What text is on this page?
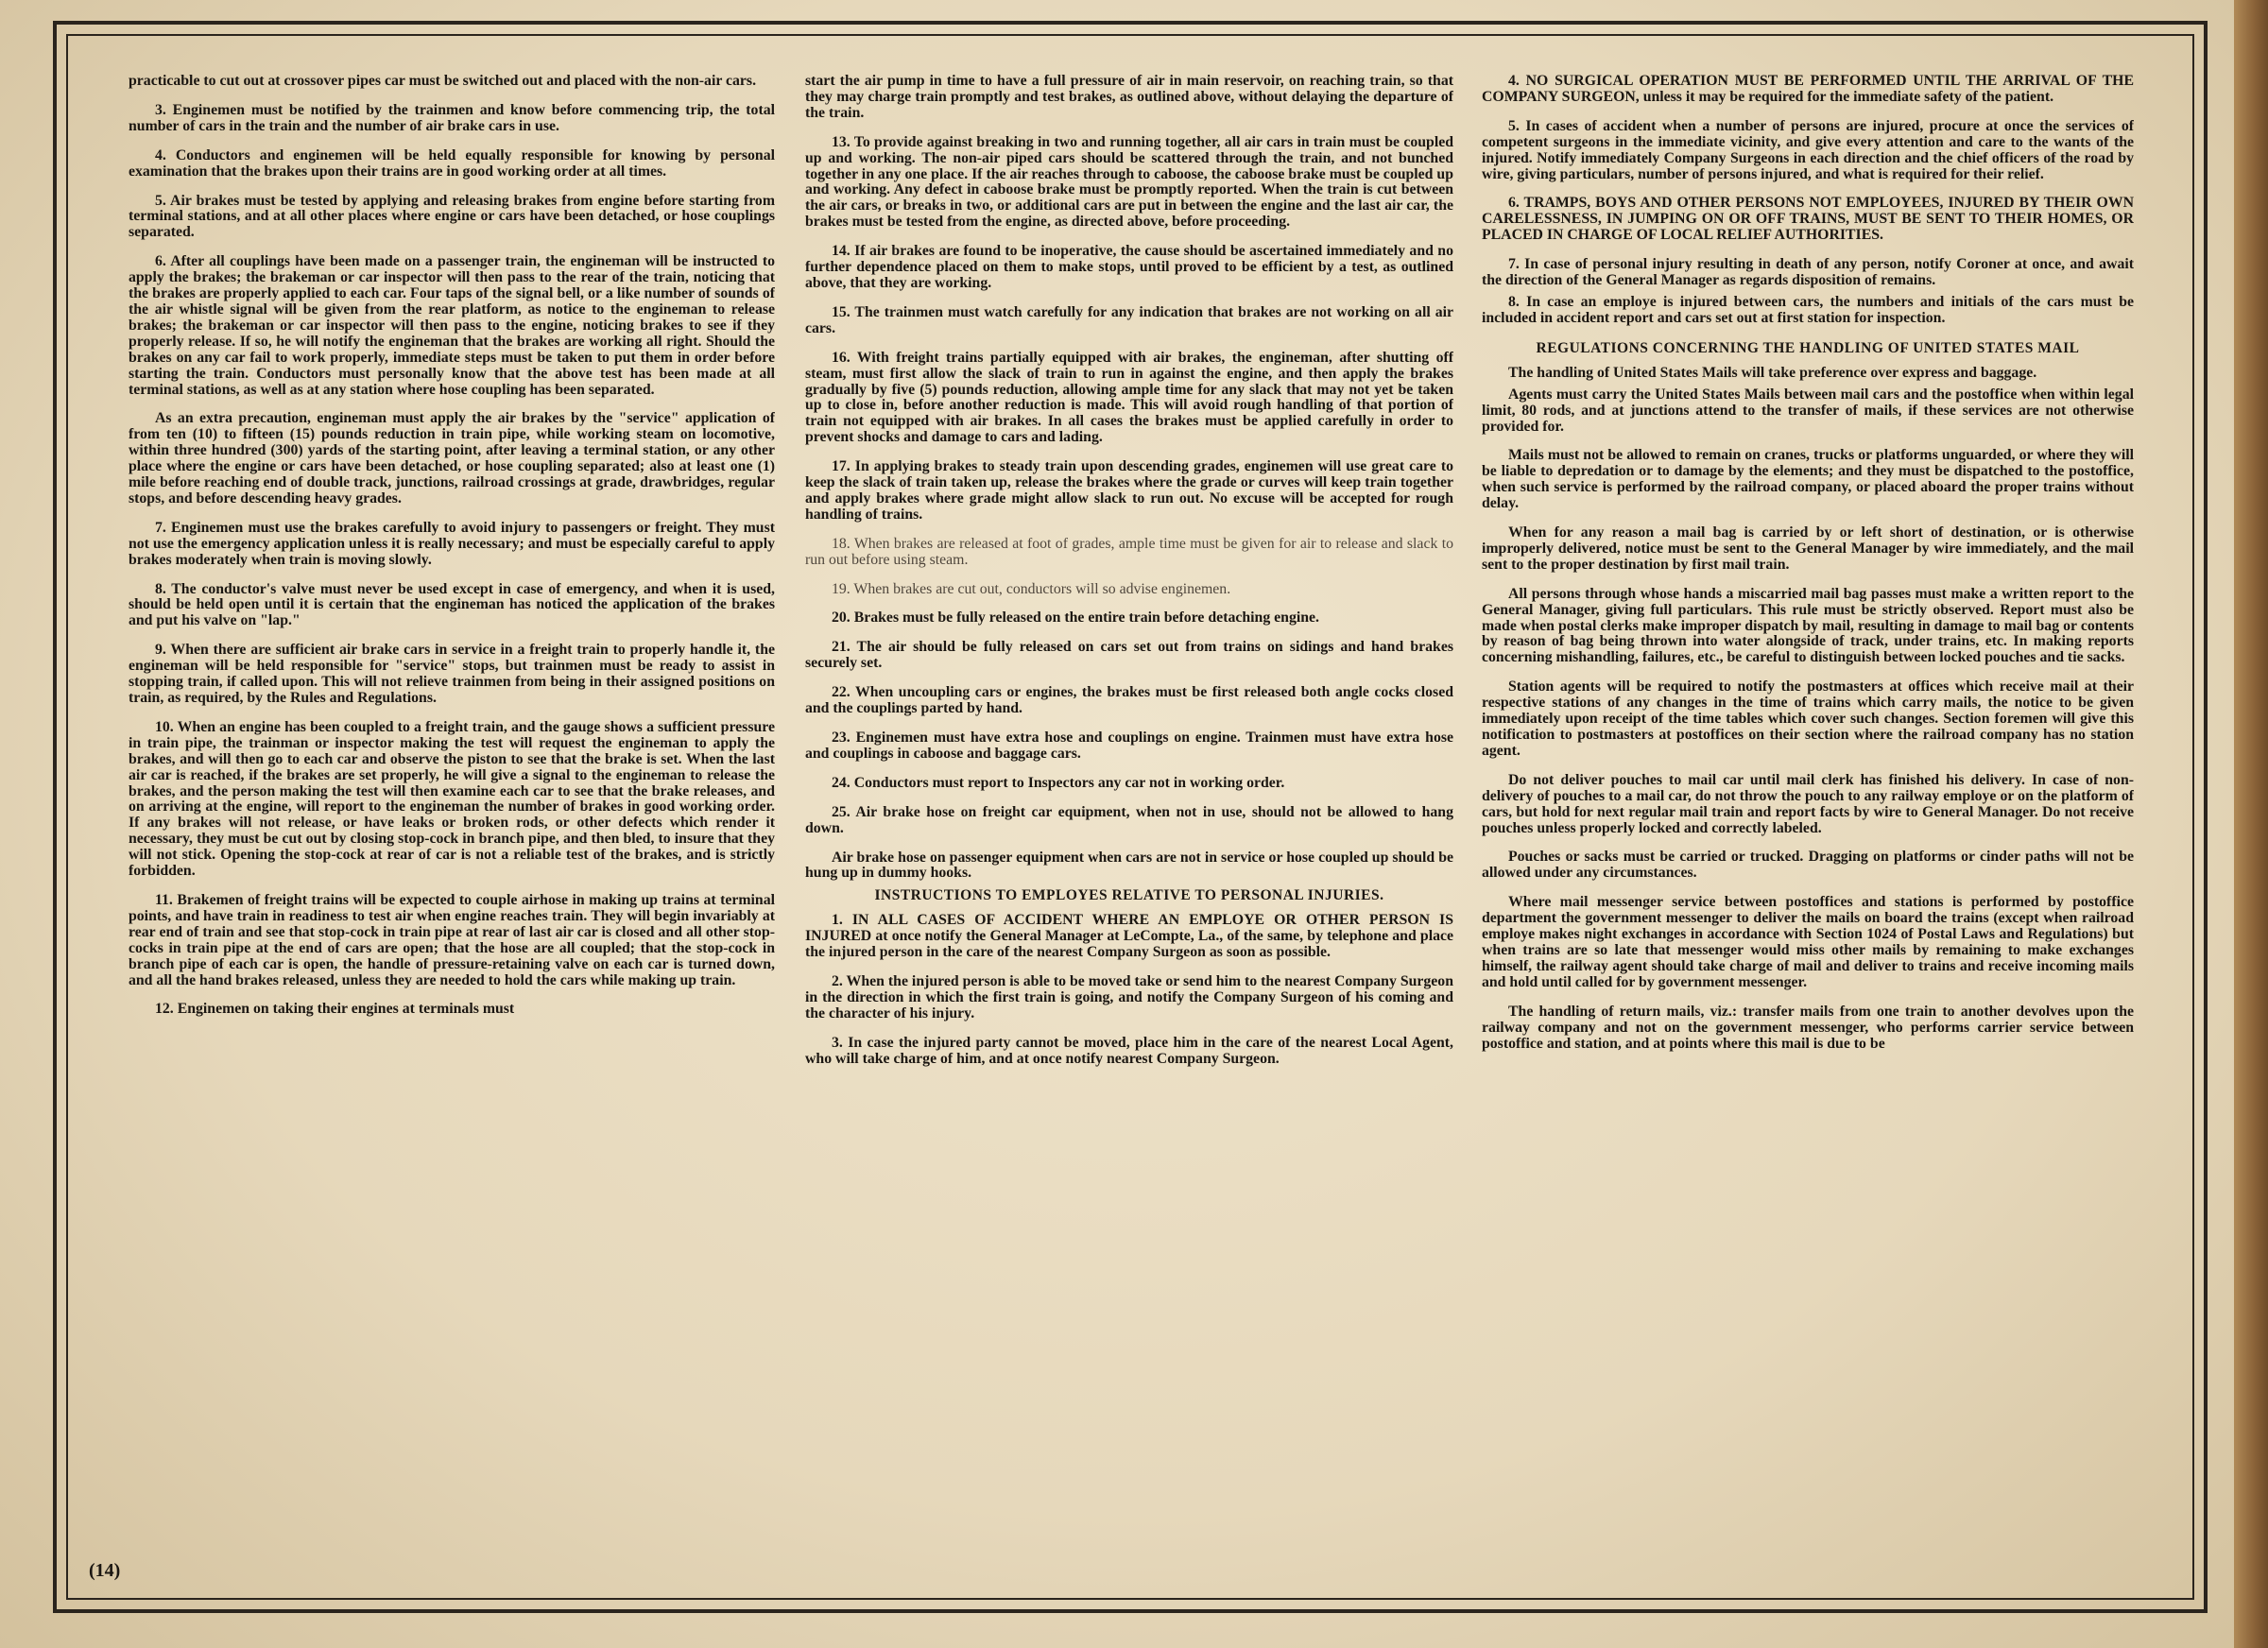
practicable to cut out at crossover pipes car must be switched out and placed with the non-air cars.

3. Enginemen must be notified by the trainmen and know before commencing trip, the total number of cars in the train and the number of air brake cars in use.

4. Conductors and enginemen will be held equally responsible for knowing by personal examination that the brakes upon their trains are in good working order at all times.

5. Air brakes must be tested by applying and releasing brakes from engine before starting from terminal stations, and at all other places where engine or cars have been detached, or hose couplings separated.

6. After all couplings have been made on a passenger train, the engineman will be instructed to apply the brakes; the brakeman or car inspector will then pass to the rear of the train, noticing that the brakes are properly applied to each car. Four taps of the signal bell, or a like number of sounds of the air whistle signal will be given from the rear platform, as notice to the engineman to release brakes; the brakeman or car inspector will then pass to the engine, noticing brakes to see if they properly release. If so, he will notify the engineman that the brakes are working all right. Should the brakes on any car fail to work properly, immediate steps must be taken to put them in order before starting the train. Conductors must personally know that the above test has been made at all terminal stations, as well as at any station where hose coupling has been separated.

As an extra precaution, engineman must apply the air brakes by the "service" application of from ten (10) to fifteen (15) pounds reduction in train pipe, while working steam on locomotive, within three hundred (300) yards of the starting point, after leaving a terminal station, or any other place where the engine or cars have been detached, or hose coupling separated; also at least one (1) mile before reaching end of double track, junctions, railroad crossings at grade, drawbridges, regular stops, and before descending heavy grades.

7. Enginemen must use the brakes carefully to avoid injury to passengers or freight. They must not use the emergency application unless it is really necessary; and must be especially careful to apply brakes moderately when train is moving slowly.

8. The conductor's valve must never be used except in case of emergency, and when it is used, should be held open until it is certain that the engineman has noticed the application of the brakes and put his valve on "lap."

9. When there are sufficient air brake cars in service in a freight train to properly handle it, the engineman will be held responsible for "service" stops, but trainmen must be ready to assist in stopping train, if called upon. This will not relieve trainmen from being in their assigned positions on train, as required, by the Rules and Regulations.

10. When an engine has been coupled to a freight train, and the gauge shows a sufficient pressure in train pipe, the trainman or inspector making the test will request the engineman to apply the brakes, and will then go to each car and observe the piston to see that the brake is set. When the last air car is reached, if the brakes are set properly, he will give a signal to the engineman to release the brakes, and the person making the test will then examine each car to see that the brake releases, and on arriving at the engine, will report to the engineman the number of brakes in good working order. If any brakes will not release, or have leaks or broken rods, or other defects which render it necessary, they must be cut out by closing stop-cock in branch pipe, and then bled, to insure that they will not stick. Opening the stop-cock at rear of car is not a reliable test of the brakes, and is strictly forbidden.

11. Brakemen of freight trains will be expected to couple airhose in making up trains at terminal points, and have train in readiness to test air when engine reaches train. They will begin invariably at rear end of train and see that stop-cock in train pipe at rear of last air car is closed and all other stop-cocks in train pipe at the end of cars are open; that the hose are all coupled; that the stop-cock in branch pipe of each car is open, the handle of pressure-retaining valve on each car is turned down, and all the hand brakes released, unless they are needed to hold the cars while making up train.

12. Enginemen on taking their engines at terminals must

start the air pump in time to have a full pressure of air in main reservoir, on reaching train, so that they may charge train promptly and test brakes, as outlined above, without delaying the departure of the train.

13. To provide against breaking in two and running together, all air cars in train must be coupled up and working. The non-air piped cars should be scattered through the train, and not bunched together in any one place. If the air reaches through to caboose, the caboose brake must be coupled up and working. Any defect in caboose brake must be promptly reported. When the train is cut between the air cars, or breaks in two, or additional cars are put in between the engine and the last air car, the brakes must be tested from the engine, as directed above, before proceeding.

14. If air brakes are found to be inoperative, the cause should be ascertained immediately and no further dependence placed on them to make stops, until proved to be efficient by a test, as outlined above, that they are working.

15. The trainmen must watch carefully for any indication that brakes are not working on all air cars.

16. With freight trains partially equipped with air brakes, the engineman, after shutting off steam, must first allow the slack of train to run in against the engine, and then apply the brakes gradually by five (5) pounds reduction, allowing ample time for any slack that may not yet be taken up to close in, before another reduction is made. This will avoid rough handling of that portion of train not equipped with air brakes. In all cases the brakes must be applied carefully in order to prevent shocks and damage to cars and lading.

17. In applying brakes to steady train upon descending grades, enginemen will use great care to keep the slack of train taken up, release the brakes where the grade or curves will keep train together and apply brakes where grade might allow slack to run out. No excuse will be accepted for rough handling of trains.

18. When brakes are released at foot of grades, ample time must be given for air to release and slack to run out before using steam.

19. When brakes are cut out, conductors will so advise enginemen.

20. Brakes must be fully released on the entire train before detaching engine.

21. The air should be fully released on cars set out from trains on sidings and hand brakes securely set.

22. When uncoupling cars or engines, the brakes must be first released both angle cocks closed and the couplings parted by hand.

23. Enginemen must have extra hose and couplings on engine. Trainmen must have extra hose and couplings in caboose and baggage cars.

24. Conductors must report to Inspectors any car not in working order.

25. Air brake hose on freight car equipment, when not in use, should not be allowed to hang down.

Air brake hose on passenger equipment when cars are not in service or hose coupled up should be hung up in dummy hooks.

INSTRUCTIONS TO EMPLOYES RELATIVE TO PERSONAL INJURIES.

1. IN ALL CASES OF ACCIDENT WHERE AN EMPLOYE OR OTHER PERSON IS INJURED at once notify the General Manager at LeCompte, La., of the same, by telephone and place the injured person in the care of the nearest Company Surgeon as soon as possible.

2. When the injured person is able to be moved take or send him to the nearest Company Surgeon in the direction in which the first train is going, and notify the Company Surgeon of his coming and the character of his injury.

3. In case the injured party cannot be moved, place him in the care of the nearest Local Agent, who will take charge of him, and at once notify nearest Company Surgeon.

4. NO SURGICAL OPERATION MUST BE PERFORMED UNTIL THE ARRIVAL OF THE COMPANY SURGEON, unless it may be required for the immediate safety of the patient.

5. In cases of accident when a number of persons are injured, procure at once the services of competent surgeons in the immediate vicinity, and give every attention and care to the wants of the injured. Notify immediately Company Surgeons in each direction and the chief officers of the road by wire, giving particulars, number of persons injured, and what is required for their relief.

6. TRAMPS, BOYS AND OTHER PERSONS NOT EMPLOYEES, INJURED BY THEIR OWN CARELESSNESS, IN JUMPING ON OR OFF TRAINS, MUST BE SENT TO THEIR HOMES, OR PLACED IN CHARGE OF LOCAL RELIEF AUTHORITIES.

7. In case of personal injury resulting in death of any person, notify Coroner at once, and await the direction of the General Manager as regards disposition of remains.

8. In case an employe is injured between cars, the numbers and initials of the cars must be included in accident report and cars set out at first station for inspection.

REGULATIONS CONCERNING THE HANDLING OF UNITED STATES MAIL

The handling of United States Mails will take preference over express and baggage.

Agents must carry the United States Mails between mail cars and the postoffice when within legal limit, 80 rods, and at junctions attend to the transfer of mails, if these services are not otherwise provided for.

Mails must not be allowed to remain on cranes, trucks or platforms unguarded, or where they will be liable to depredation or to damage by the elements; and they must be dispatched to the postoffice, when such service is performed by the railroad company, or placed aboard the proper trains without delay.

When for any reason a mail bag is carried by or left short of destination, or is otherwise improperly delivered, notice must be sent to the General Manager by wire immediately, and the mail sent to the proper destination by first mail train.

All persons through whose hands a miscarried mail bag passes must make a written report to the General Manager, giving full particulars. This rule must be strictly observed. Report must also be made when postal clerks make improper dispatch by mail, resulting in damage to mail bag or contents by reason of bag being thrown into water alongside of track, under trains, etc. In making reports concerning mishandling, failures, etc., be careful to distinguish between locked pouches and tie sacks.

Station agents will be required to notify the postmasters at offices which receive mail at their respective stations of any changes in the time of trains which carry mails, the notice to be given immediately upon receipt of the time tables which cover such changes. Section foremen will give this notification to postmasters at postoffices on their section where the railroad company has no station agent.

Do not deliver pouches to mail car until mail clerk has finished his delivery. In case of non-delivery of pouches to a mail car, do not throw the pouch to any railway employe or on the platform of cars, but hold for next regular mail train and report facts by wire to General Manager. Do not receive pouches unless properly locked and correctly labeled.

Pouches or sacks must be carried or trucked. Dragging on platforms or cinder paths will not be allowed under any circumstances.

Where mail messenger service between postoffices and stations is performed by postoffice department the government messenger to deliver the mails on board the trains (except when railroad employe makes night exchanges in accordance with Section 1024 of Postal Laws and Regulations) but when trains are so late that messenger would miss other mails by remaining to make exchanges himself, the railway agent should take charge of mail and deliver to trains and receive incoming mails and hold until called for by government messenger.

The handling of return mails, viz.: transfer mails from one train to another devolves upon the railway company and not on the government messenger, who performs carrier service between postoffice and station, and at points where this mail is due to be

(14)
